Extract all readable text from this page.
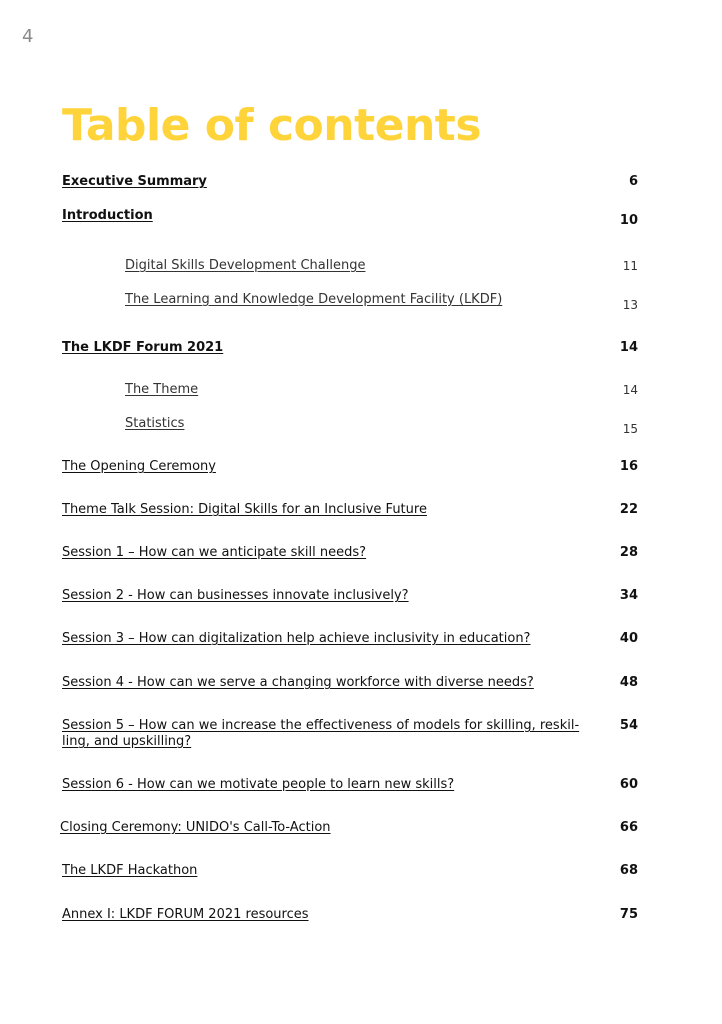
4
Table of contents
Executive Summary	6
Introduction	10
Digital Skills Development Challenge	11
The Learning and Knowledge Development Facility (LKDF)	13
The LKDF Forum 2021	14
The Theme	14
Statistics	15
The Opening Ceremony	16
Theme Talk Session: Digital Skills for an Inclusive Future	22
Session 1 – How can we anticipate skill needs?	28
Session 2 - How can businesses innovate inclusively?	34
Session 3 – How can digitalization help achieve inclusivity in education?	40
Session 4 - How can we serve a changing workforce with diverse needs?	48
Session 5 – How can we increase the effectiveness of models for skilling, reskil-ling, and upskilling?
54
Session 6 - How can we motivate people to learn new skills?	60
Closing Ceremony: UNIDO's Call-To-Action	66
The LKDF Hackathon	68
Annex I: LKDF FORUM 2021 resources	75
